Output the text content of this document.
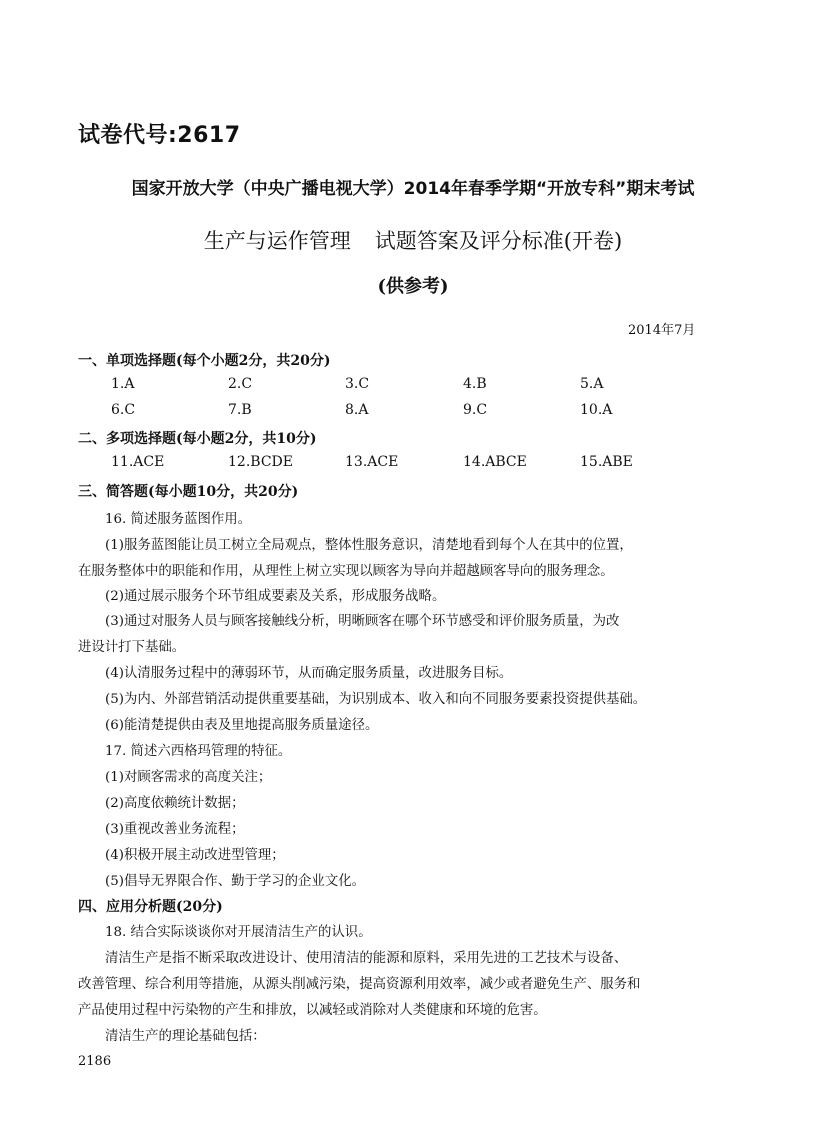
试卷代号:2617
国家开放大学（中央广播电视大学）2014年春季学期“开放专科”期末考试
生产与运作管理 试题答案及评分标准(开卷)
(供参考)
2014年7月
一、单项选择题(每个小题2分，共20分)
1.A	2.C	3.C	4.B	5.A
6.C	7.B	8.A	9.C	10.A
二、多项选择题(每小题2分，共10分)
11.ACE	12.BCDE	13.ACE	14.ABCE	15.ABE
三、简答题(每小题10分，共20分)
16. 简述服务蓝图作用。
(1)服务蓝图能让员工树立全局观点，整体性服务意识，清楚地看到每个人在其中的位置，
在服务整体中的职能和作用，从理性上树立实现以顾客为导向并超越顾客导向的服务理念。
(2)通过展示服务个环节组成要素及关系，形成服务战略。
(3)通过对服务人员与顾客接触线分析，明晰顾客在哪个环节感受和评价服务质量，为改
进设计打下基础。
(4)认清服务过程中的薄弱环节，从而确定服务质量，改进服务目标。
(5)为内、外部营销活动提供重要基础，为识别成本、收入和向不同服务要素投资提供基础。
(6)能清楚提供由表及里地提高服务质量途径。
17. 简述六西格玛管理的特征。
(1)对顾客需求的高度关注；
(2)高度依赖统计数据；
(3)重视改善业务流程；
(4)积极开展主动改进型管理；
(5)倡导无界限合作、勤于学习的企业文化。
四、应用分析题(20分)
18. 结合实际谈谈你对开展清洁生产的认识。
清洁生产是指不断采取改进设计、使用清洁的能源和原料，采用先进的工艺技术与设备、
改善管理、综合利用等措施，从源头削减污染，提高资源利用效率，减少或者避免生产、服务和
产品使用过程中污染物的产生和排放，以减轻或消除对人类健康和环境的危害。
清洁生产的理论基础包括：
2186
